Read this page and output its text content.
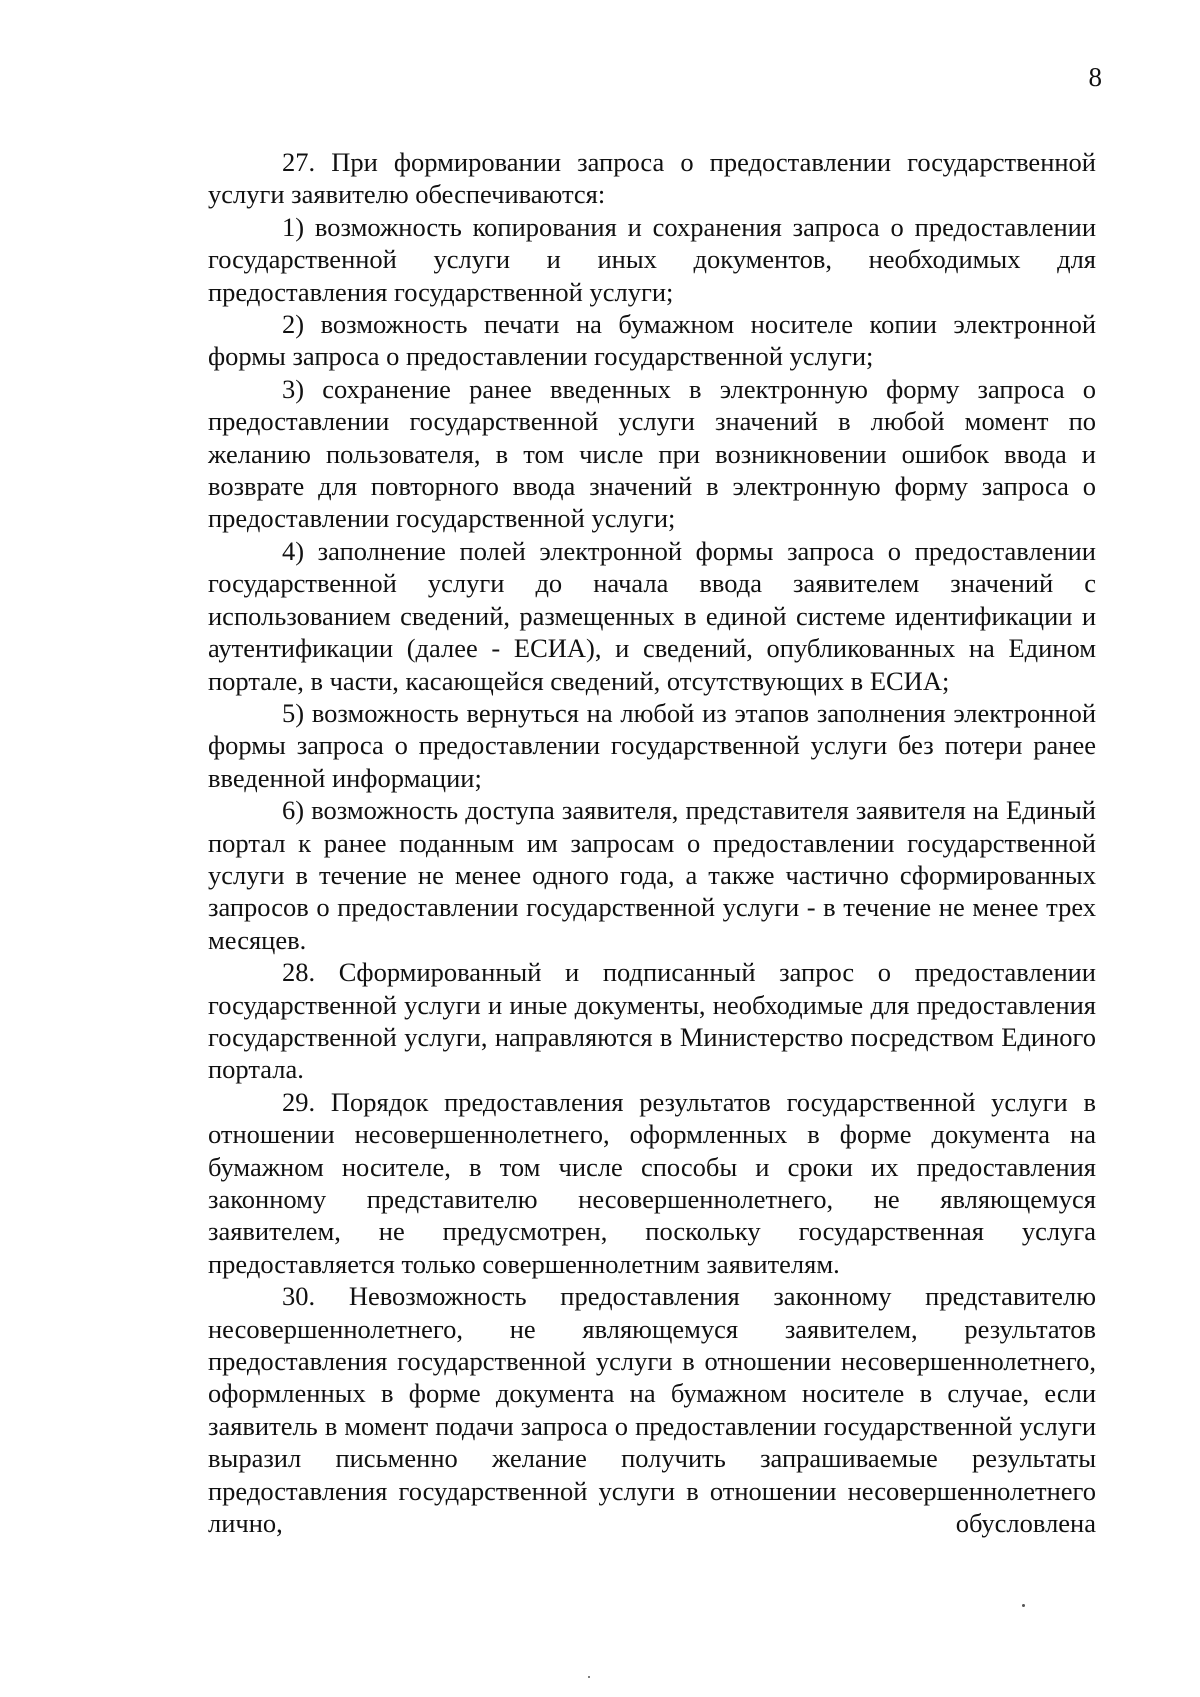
8

27. При формировании запроса о предоставлении государственной услуги заявителю обеспечиваются:

1) возможность копирования и сохранения запроса о предоставлении государственной услуги и иных документов, необходимых для предоставления государственной услуги;

2) возможность печати на бумажном носителе копии электронной формы запроса о предоставлении государственной услуги;

3) сохранение ранее введенных в электронную форму запроса о предоставлении государственной услуги значений в любой момент по желанию пользователя, в том числе при возникновении ошибок ввода и возврате для повторного ввода значений в электронную форму запроса о предоставлении государственной услуги;

4) заполнение полей электронной формы запроса о предоставлении государственной услуги до начала ввода заявителем значений с использованием сведений, размещенных в единой системе идентификации и аутентификации (далее - ЕСИА), и сведений, опубликованных на Едином портале, в части, касающейся сведений, отсутствующих в ЕСИА;

5) возможность вернуться на любой из этапов заполнения электронной формы запроса о предоставлении государственной услуги без потери ранее введенной информации;

6) возможность доступа заявителя, представителя заявителя на Единый портал к ранее поданным им запросам о предоставлении государственной услуги в течение не менее одного года, а также частично сформированных запросов о предоставлении государственной услуги - в течение не менее трех месяцев.

28. Сформированный и подписанный запрос о предоставлении государственной услуги и иные документы, необходимые для предоставления государственной услуги, направляются в Министерство посредством Единого портала.

29. Порядок предоставления результатов государственной услуги в отношении несовершеннолетнего, оформленных в форме документа на бумажном носителе, в том числе способы и сроки их предоставления законному представителю несовершеннолетнего, не являющемуся заявителем, не предусмотрен, поскольку государственная услуга предоставляется только совершеннолетним заявителям.

30. Невозможность предоставления законному представителю несовершеннолетнего, не являющемуся заявителем, результатов предоставления государственной услуги в отношении несовершеннолетнего, оформленных в форме документа на бумажном носителе в случае, если заявитель в момент подачи запроса о предоставлении государственной услуги выразил письменно желание получить запрашиваемые результаты предоставления государственной услуги в отношении несовершеннолетнего лично, обусловлена
